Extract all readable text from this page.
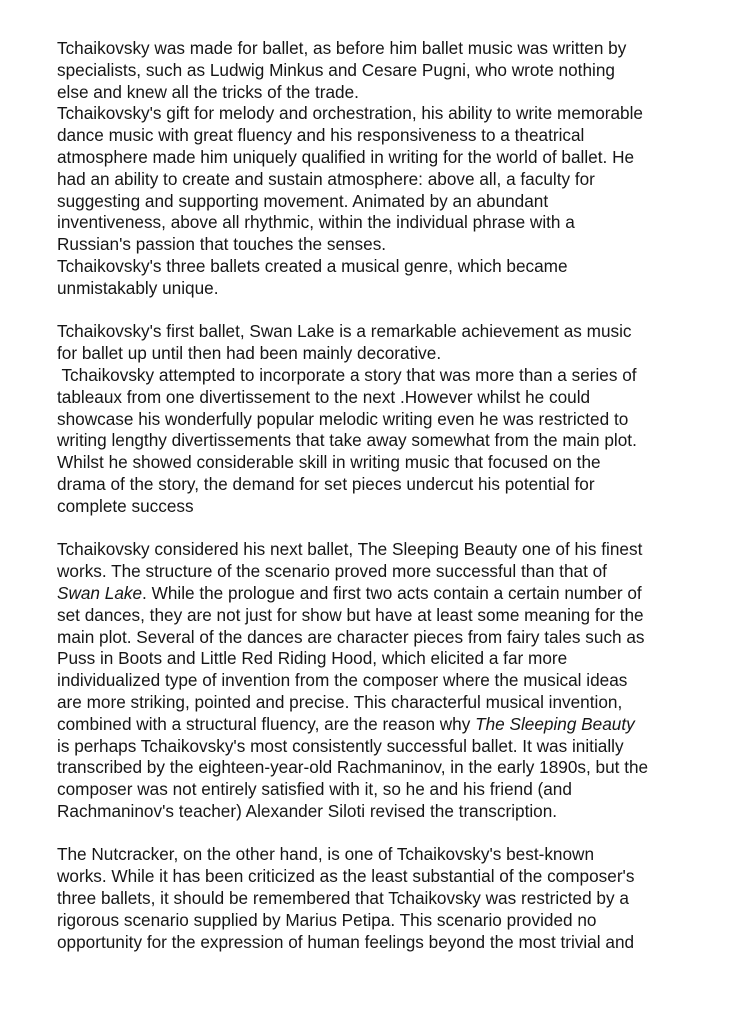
Tchaikovsky was made for ballet, as before him ballet music was written by
specialists, such as Ludwig Minkus and Cesare Pugni, who wrote nothing
else and knew all the tricks of the trade.
Tchaikovsky's gift for melody and orchestration, his ability to write memorable
dance music with great fluency and his responsiveness to a theatrical
atmosphere made him uniquely qualified in writing for the world of ballet. He
had an ability to create and sustain atmosphere: above all, a faculty for
suggesting and supporting movement. Animated by an abundant
inventiveness, above all rhythmic, within the individual phrase with a
Russian's passion that touches the senses.
Tchaikovsky's three ballets created a musical genre, which became
unmistakably unique.
Tchaikovsky's first ballet, Swan Lake is a remarkable achievement as music
for ballet up until then had been mainly decorative.
Tchaikovsky attempted to incorporate a story that was more than a series of
tableaux from one divertissement to the next .However whilst he could
showcase his wonderfully popular melodic writing even he was restricted to
writing lengthy divertissements that take away somewhat from the main plot.
Whilst he showed considerable skill in writing music that focused on the
drama of the story, the demand for set pieces undercut his potential for
complete success
Tchaikovsky considered his next ballet, The Sleeping Beauty one of his finest
works. The structure of the scenario proved more successful than that of
Swan Lake. While the prologue and first two acts contain a certain number of
set dances, they are not just for show but have at least some meaning for the
main plot. Several of the dances are character pieces from fairy tales such as
Puss in Boots and Little Red Riding Hood, which elicited a far more
individualized type of invention from the composer where the musical ideas
are more striking, pointed and precise. This characterful musical invention,
combined with a structural fluency, are the reason why The Sleeping Beauty
is perhaps Tchaikovsky's most consistently successful ballet. It was initially
transcribed by the eighteen-year-old Rachmaninov, in the early 1890s, but the
composer was not entirely satisfied with it, so he and his friend (and
Rachmaninov's teacher) Alexander Siloti revised the transcription.
The Nutcracker, on the other hand, is one of Tchaikovsky's best-known
works. While it has been criticized as the least substantial of the composer's
three ballets, it should be remembered that Tchaikovsky was restricted by a
rigorous scenario supplied by Marius Petipa. This scenario provided no
opportunity for the expression of human feelings beyond the most trivial and
